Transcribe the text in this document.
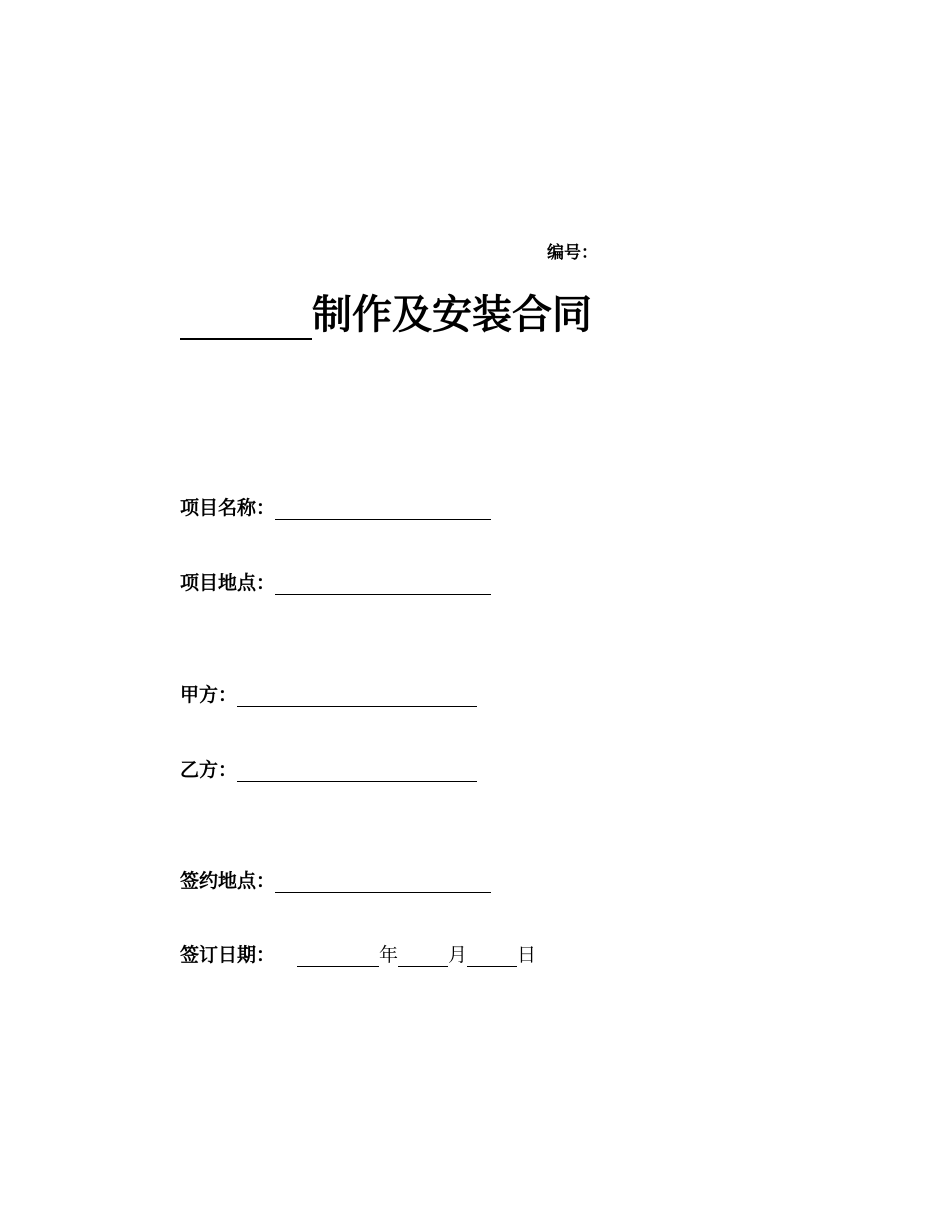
编号：
制作及安装合同
项目名称：
项目地点：
甲方：
乙方：
签约地点：
签订日期：	年	月	日
